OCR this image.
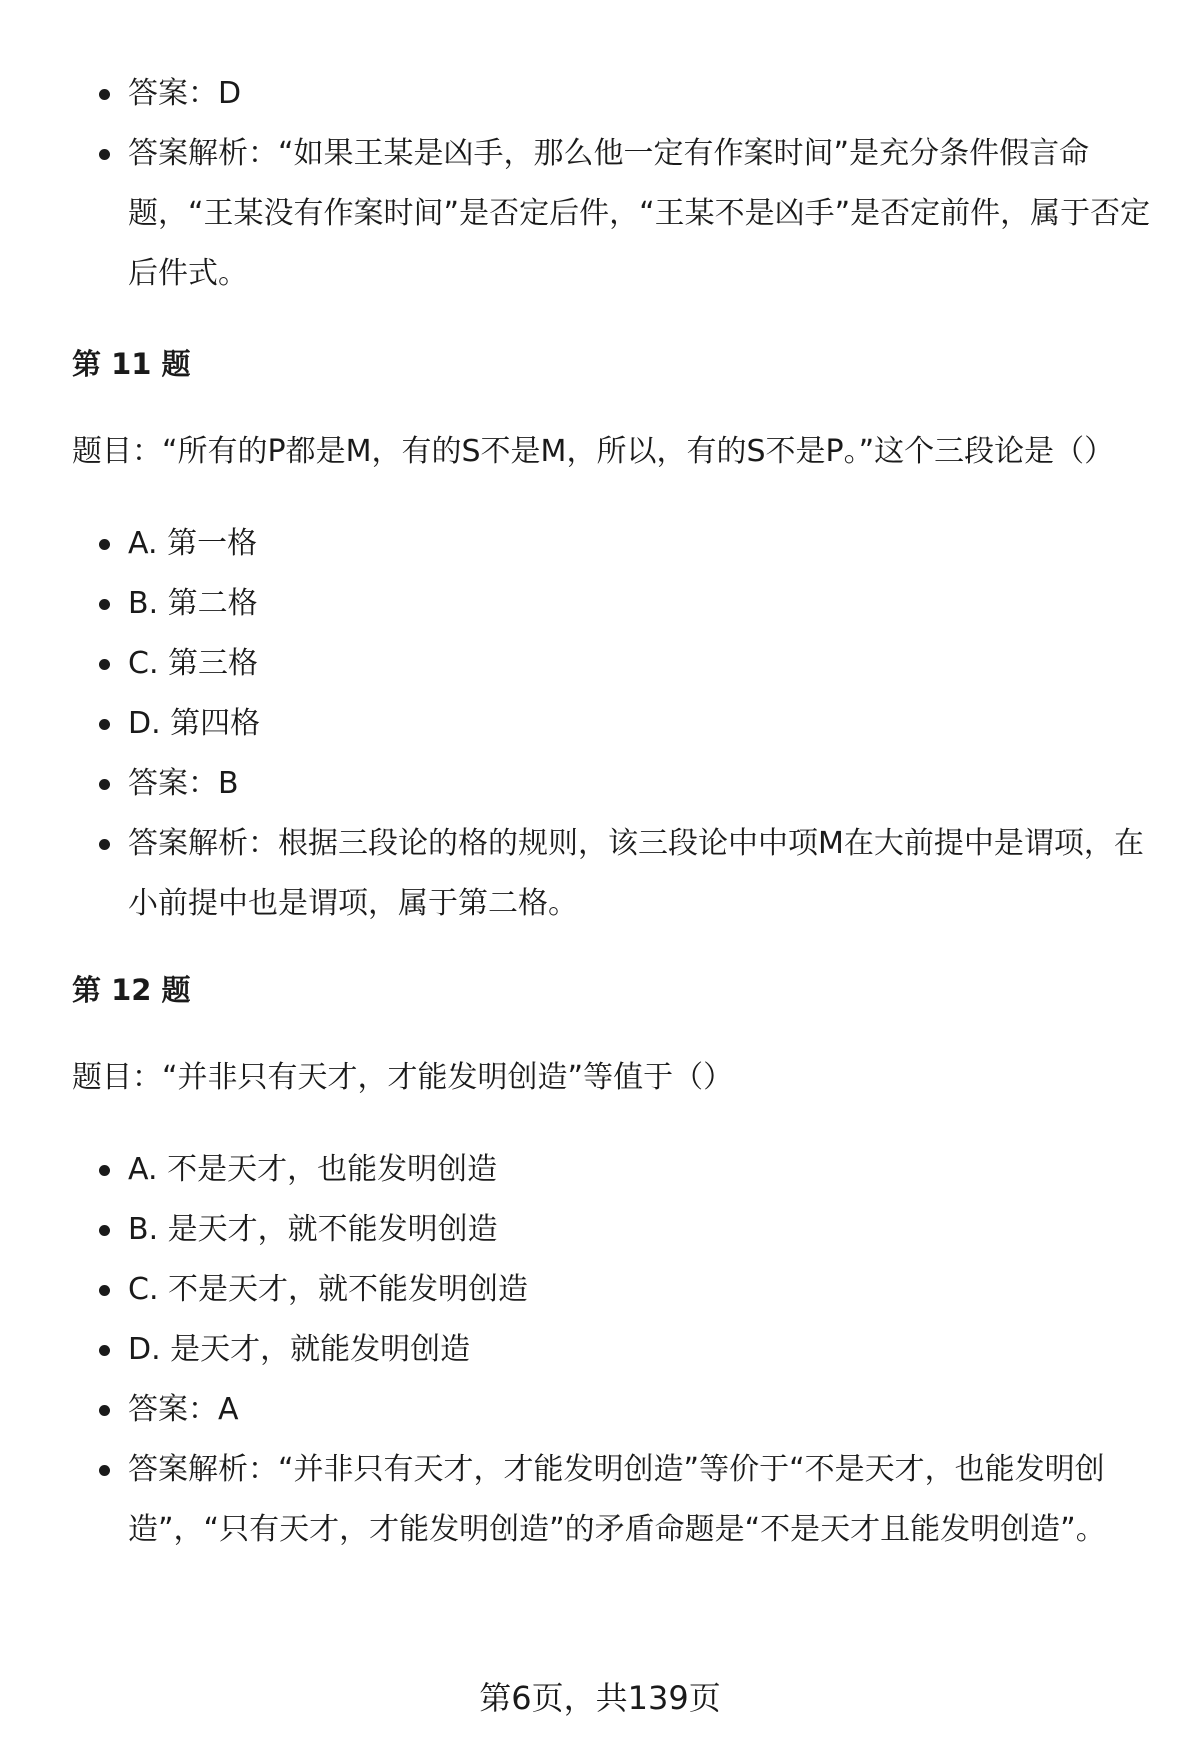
答案：D
答案解析：“如果王某是凶手，那么他一定有作案时间”是充分条件假言命题，“王某没有作案时间”是否定后件，“王某不是凶手”是否定前件，属于否定后件式。
第 11 题
题目：“所有的P都是M，有的S不是M，所以，有的S不是P。”这个三段论是（）
A. 第一格
B. 第二格
C. 第三格
D. 第四格
答案：B
答案解析：根据三段论的格的规则，该三段论中中项M在大前提中是谓项，在小前提中也是谓项，属于第二格。
第 12 题
题目：“并非只有天才，才能发明创造”等值于（）
A. 不是天才，也能发明创造
B. 是天才，就不能发明创造
C. 不是天才，就不能发明创造
D. 是天才，就能发明创造
答案：A
答案解析：“并非只有天才，才能发明创造”等价于“不是天才，也能发明创造”，“只有天才，才能发明创造”的矛盾命题是“不是天才且能发明创造”。
第6页，共139页
